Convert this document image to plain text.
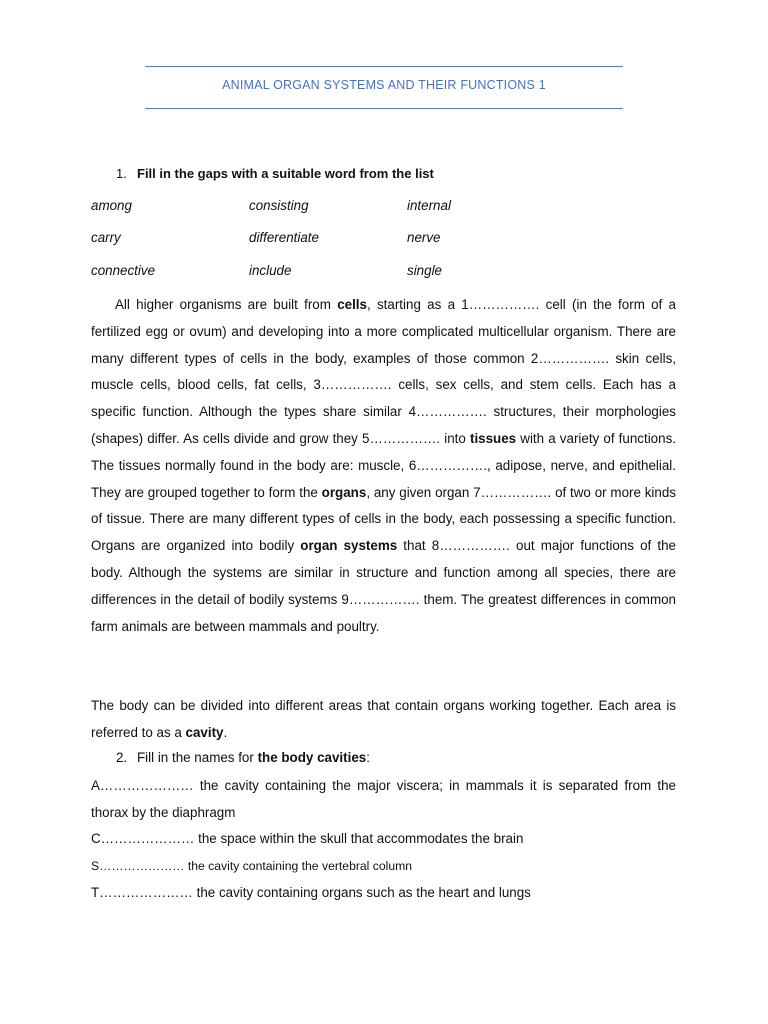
ANIMAL ORGAN SYSTEMS AND THEIR FUNCTIONS 1
1. Fill in the gaps with a suitable word from the list
among	consisting	internal
carry	differentiate	nerve
connective	include	single
All higher organisms are built from cells, starting as a 1……………. cell (in the form of a fertilized egg or ovum) and developing into a more complicated multicellular organism. There are many different types of cells in the body, examples of those common 2……………. skin cells, muscle cells, blood cells, fat cells, 3……………. cells, sex cells, and stem cells. Each has a specific function. Although the types share similar 4……………. structures, their morphologies (shapes) differ. As cells divide and grow they 5……………. into tissues with a variety of functions. The tissues normally found in the body are: muscle, 6……………., adipose, nerve, and epithelial. They are grouped together to form the organs, any given organ 7……………. of two or more kinds of tissue. There are many different types of cells in the body, each possessing a specific function. Organs are organized into bodily organ systems that 8……………. out major functions of the body. Although the systems are similar in structure and function among all species, there are differences in the detail of bodily systems 9……………. them. The greatest differences in common farm animals are between mammals and poultry.
The body can be divided into different areas that contain organs working together. Each area is referred to as a cavity.
2. Fill in the names for the body cavities:
A………………… the cavity containing the major viscera; in mammals it is separated from the thorax by the diaphragm
C………………… the space within the skull that accommodates the brain
S………………… the cavity containing the vertebral column
T………………… the cavity containing organs such as the heart and lungs
